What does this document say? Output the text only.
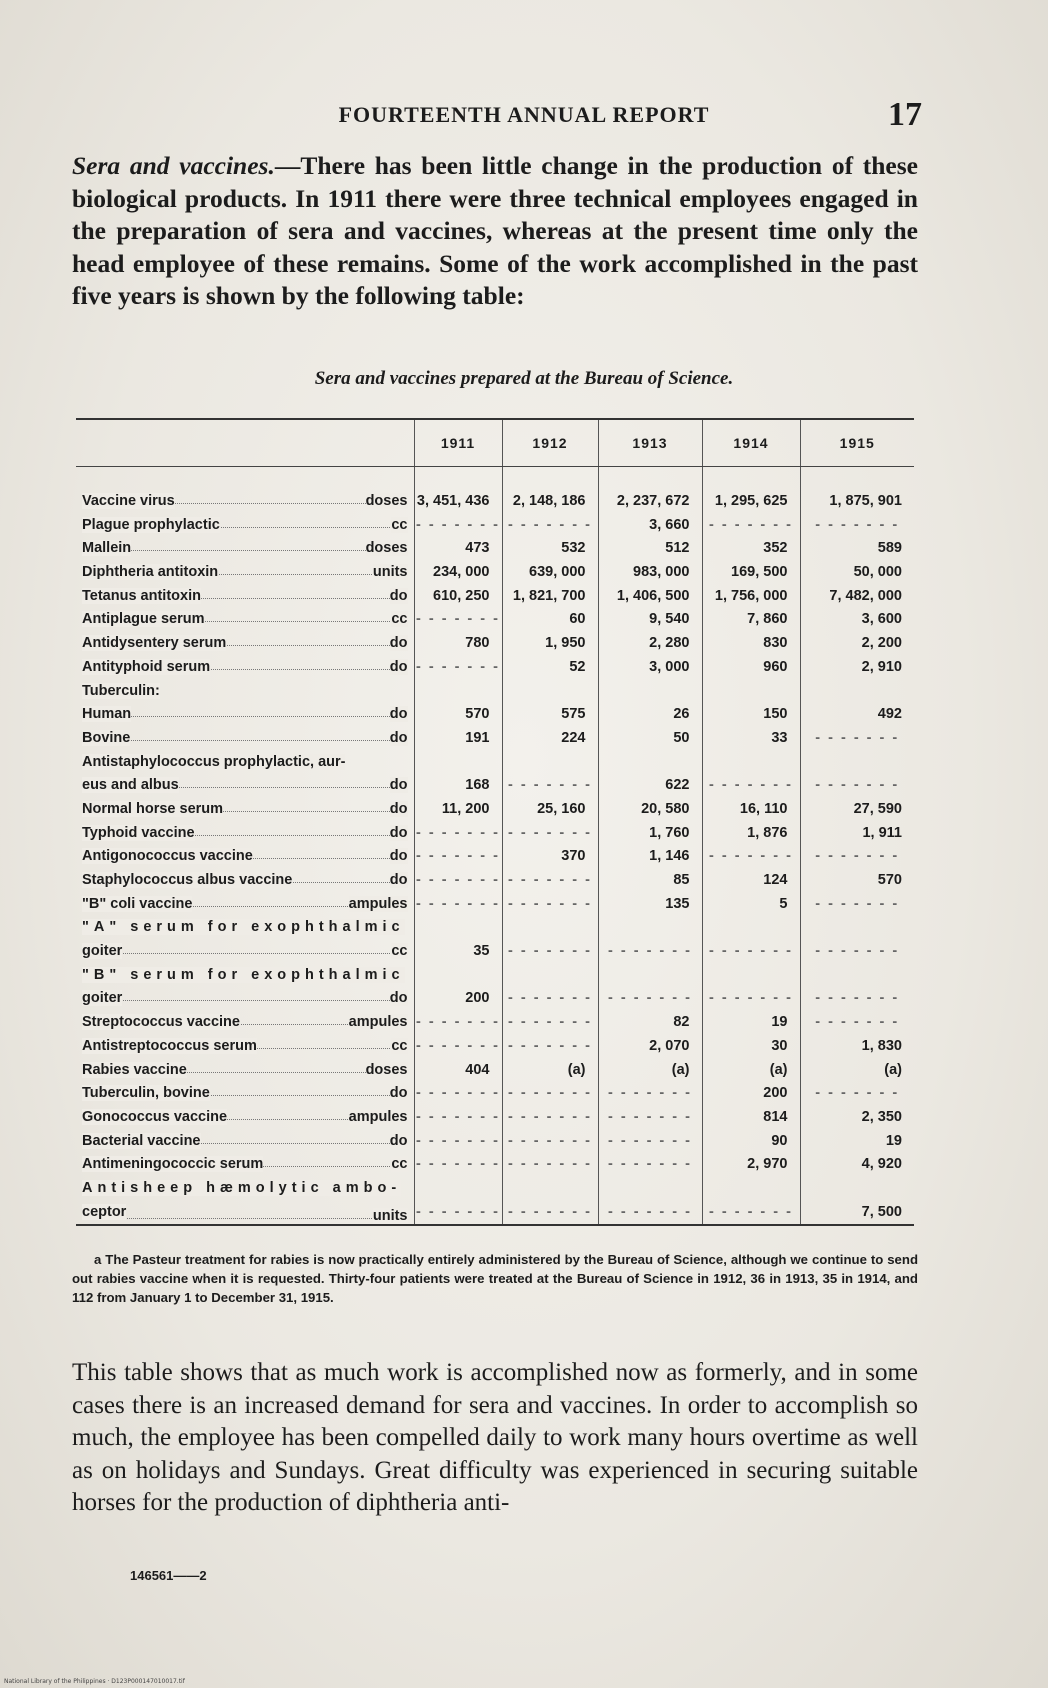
FOURTEENTH ANNUAL REPORT	17
Sera and vaccines.—There has been little change in the production of these biological products. In 1911 there were three technical employees engaged in the preparation of sera and vaccines, whereas at the present time only the head employee of these remains. Some of the work accomplished in the past five years is shown by the following table:
Sera and vaccines prepared at the Bureau of Science.
	1911	1912	1913	1914	1915

Vaccine virus doses	3, 451, 436	2, 148, 186	2, 237, 672	1, 295, 625	1, 875, 901

Plague prophylactic cc	- - - - - - -	- - - - - - -	3, 660	- - - - - - -	- - - - - - -

Mallein doses	473	532	512	352	589

Diphtheria antitoxin units	234, 000	639, 000	983, 000	169, 500	50, 000

Tetanus antitoxin do	610, 250	1, 821, 700	1, 406, 500	1, 756, 000	7, 482, 000

Antiplague serum cc	- - - - - - -	60	9, 540	7, 860	3, 600

Antidysentery serum do	780	1, 950	2, 280	830	2, 200

Antityphoid serum do	- - - - - - -	52	3, 000	960	2, 910
Tuberculin:					

Human do	570	575	26	150	492

Bovine do	191	224	50	33	- - - - - - -
Antistaphylococcus prophylactic, aur-					

eus and albus do	168	- - - - - - -	622	- - - - - - -	- - - - - - -

Normal horse serum do	11, 200	25, 160	20, 580	16, 110	27, 590

Typhoid vaccine do	- - - - - - -	- - - - - - -	1, 760	1, 876	1, 911

Antigonococcus vaccine do	- - - - - - -	370	1, 146	- - - - - - -	- - - - - - -

Staphylococcus albus vaccine do	- - - - - - -	- - - - - - -	85	124	570

"B" coli vaccine ampules	- - - - - - -	- - - - - - -	135	5	- - - - - - -
"A" serum for exophthalmic					

goiter cc	35	- - - - - - -	- - - - - - -	- - - - - - -	- - - - - - -
"B" serum for exophthalmic					

goiter do	200	- - - - - - -	- - - - - - -	- - - - - - -	- - - - - - -

Streptococcus vaccine ampules	- - - - - - -	- - - - - - -	82	19	- - - - - - -

Antistreptococcus serum cc	- - - - - - -	- - - - - - -	2, 070	30	1, 830

Rabies vaccine doses	404	(a)	(a)	(a)	(a)

Tuberculin, bovine do	- - - - - - -	- - - - - - -	- - - - - - -	200	- - - - - - -

Gonococcus vaccine ampules	- - - - - - -	- - - - - - -	- - - - - - -	814	2, 350

Bacterial vaccine do	- - - - - - -	- - - - - - -	- - - - - - -	90	19

Antimeningococcic serum cc	- - - - - - -	- - - - - - -	- - - - - - -	2, 970	4, 920
Antisheep hæmolytic ambo-					

ceptor units	- - - - - - -	- - - - - - -	- - - - - - -	- - - - - - -	7, 500
a The Pasteur treatment for rabies is now practically entirely administered by the Bureau of Science, although we continue to send out rabies vaccine when it is requested. Thirty-four patients were treated at the Bureau of Science in 1912, 36 in 1913, 35 in 1914, and 112 from January 1 to December 31, 1915.
This table shows that as much work is accomplished now as formerly, and in some cases there is an increased demand for sera and vaccines. In order to accomplish so much, the employee has been compelled daily to work many hours overtime as well as on holidays and Sundays. Great difficulty was experienced in securing suitable horses for the production of diphtheria anti-
146561——2
National Library of the Philippines · D123P000147010017.tif
